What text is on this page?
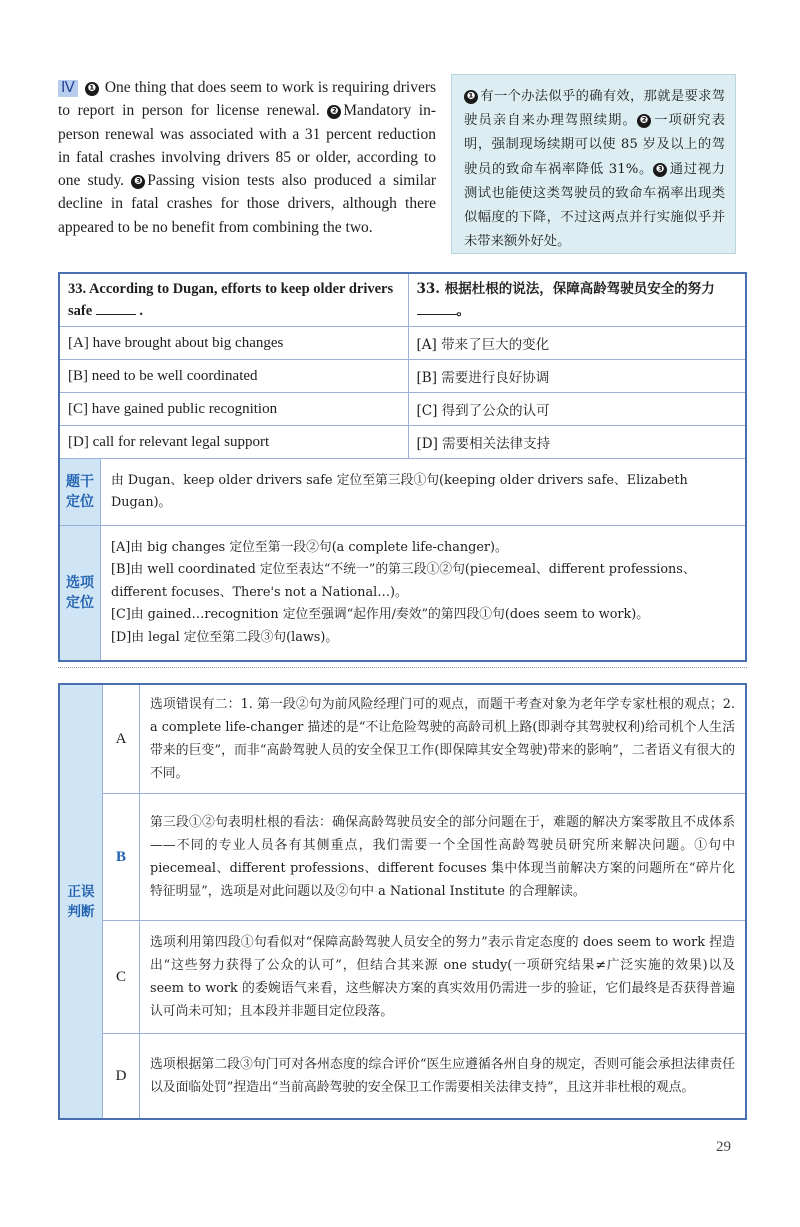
Ⅳ ❶ One thing that does seem to work is requiring drivers to report in person for license renewal. ❷ Mandatory in-person renewal was associated with a 31 percent reduction in fatal crashes involving drivers 85 or older, according to one study. ❸ Passing vision tests also produced a similar decline in fatal crashes for those drivers, although there appeared to be no benefit from combining the two.

❶ 有一个办法似乎的确有效，那就是要求驾驶员亲自来办理驾照续期。 ❷ 一项研究表明，强制现场续期可以使 85 岁及以上的驾驶员的致命车祸率降低 31%。 ❸ 通过视力测试也能使这类驾驶员的致命车祸率出现类似幅度的下降，不过这两点并行实施似乎并未带来额外好处。

33. According to Dugan, efforts to keep older drivers safe .		33. 根据杜根的说法，保障高龄驾驶员安全的努力。
[A] have brought about big changes		[A] 带来了巨大的变化
[B] need to be well coordinated		[B] 需要进行良好协调
[C] have gained public recognition		[C] 得到了公众的认可
[D] call for relevant legal support		[D] 需要相关法律支持
题干定位	由 Dugan、keep older drivers safe 定位至第三段①句(keeping older drivers safe、Elizabeth Dugan)。	
选项定位	[A]由 big changes 定位至第一段②句(a complete life-changer)。
[B]由 well coordinated 定位至表达“不统一”的第三段①②句(piecemeal、different professions、different focuses、There's not a National…)。
[C]由 gained…recognition 定位至强调“起作用/奏效”的第四段①句(does seem to work)。
[D]由 legal 定位至第二段③句(laws)。	
正误判断	A	选项错误有二：1. 第一段②句为前风险经理门可的观点，而题干考查对象为老年学专家杜根的观点；2. a complete life-changer 描述的是“不让危险驾驶的高龄司机上路(即剥夺其驾驶权利)给司机个人生活带来的巨变”，而非“高龄驾驶人员的安全保卫工作(即保障其安全驾驶)带来的影响”，二者语义有很大的不同。
	B	第三段①②句表明杜根的看法：确保高龄驾驶员安全的部分问题在于，难题的解决方案零散且不成体系——不同的专业人员各有其侧重点，我们需要一个全国性高龄驾驶员研究所来解决问题。①句中 piecemeal、different professions、different focuses 集中体现当前解决方案的问题所在“碎片化特征明显”，选项是对此问题以及②句中 a National Institute 的合理解读。
	C	选项利用第四段①句看似对“保障高龄驾驶人员安全的努力”表示肯定态度的 does seem to work 捏造出“这些努力获得了公众的认可”，但结合其来源 one study(一项研究结果≠广泛实施的效果)以及 seem to work 的委婉语气来看，这些解决方案的真实效用仍需进一步的验证，它们最终是否获得普遍认可尚未可知；且本段并非题目定位段落。
	D	选项根据第二段③句门可对各州态度的综合评价“医生应遵循各州自身的规定，否则可能会承担法律责任以及面临处罚”捏造出“当前高龄驾驶的安全保卫工作需要相关法律支持”，且这并非杜根的观点。
29
